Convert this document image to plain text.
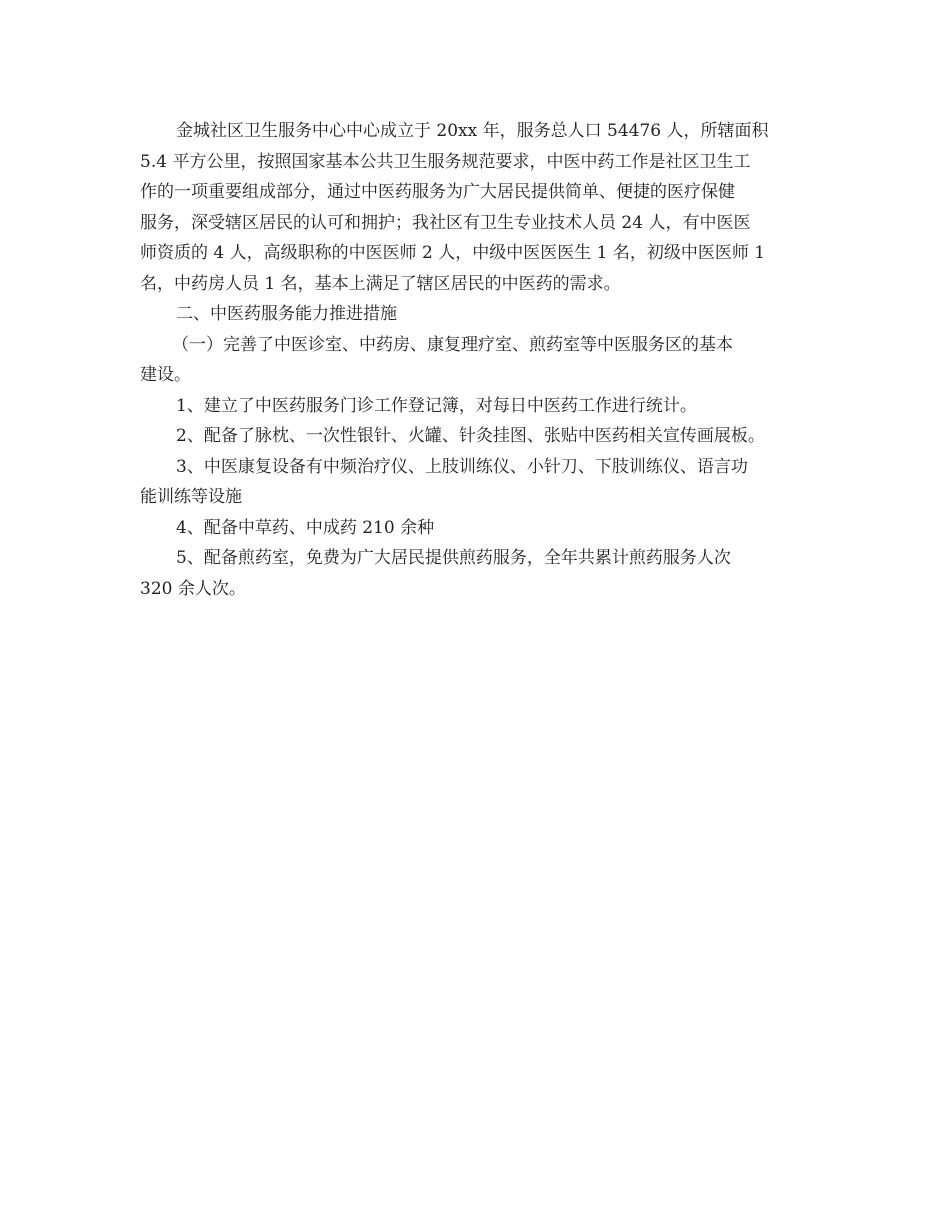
金城社区卫生服务中心中心成立于 20xx 年，服务总人口 54476 人，所辖面积
5.4 平方公里，按照国家基本公共卫生服务规范要求，中医中药工作是社区卫生工
作的一项重要组成部分，通过中医药服务为广大居民提供简单、便捷的医疗保健
服务，深受辖区居民的认可和拥护；我社区有卫生专业技术人员 24 人，有中医医
师资质的 4 人，高级职称的中医医师 2 人，中级中医医医生 1 名，初级中医医师 1
名，中药房人员 1 名，基本上满足了辖区居民的中医药的需求。
二、中医药服务能力推进措施
（一）完善了中医诊室、中药房、康复理疗室、煎药室等中医服务区的基本
建设。
1、建立了中医药服务门诊工作登记簿，对每日中医药工作进行统计。
2、配备了脉枕、一次性银针、火罐、针灸挂图、张贴中医药相关宣传画展板。
3、中医康复设备有中频治疗仪、上肢训练仪、小针刀、下肢训练仪、语言功
能训练等设施
4、配备中草药、中成药 210 余种
5、配备煎药室，免费为广大居民提供煎药服务，全年共累计煎药服务人次
320 余人次。
